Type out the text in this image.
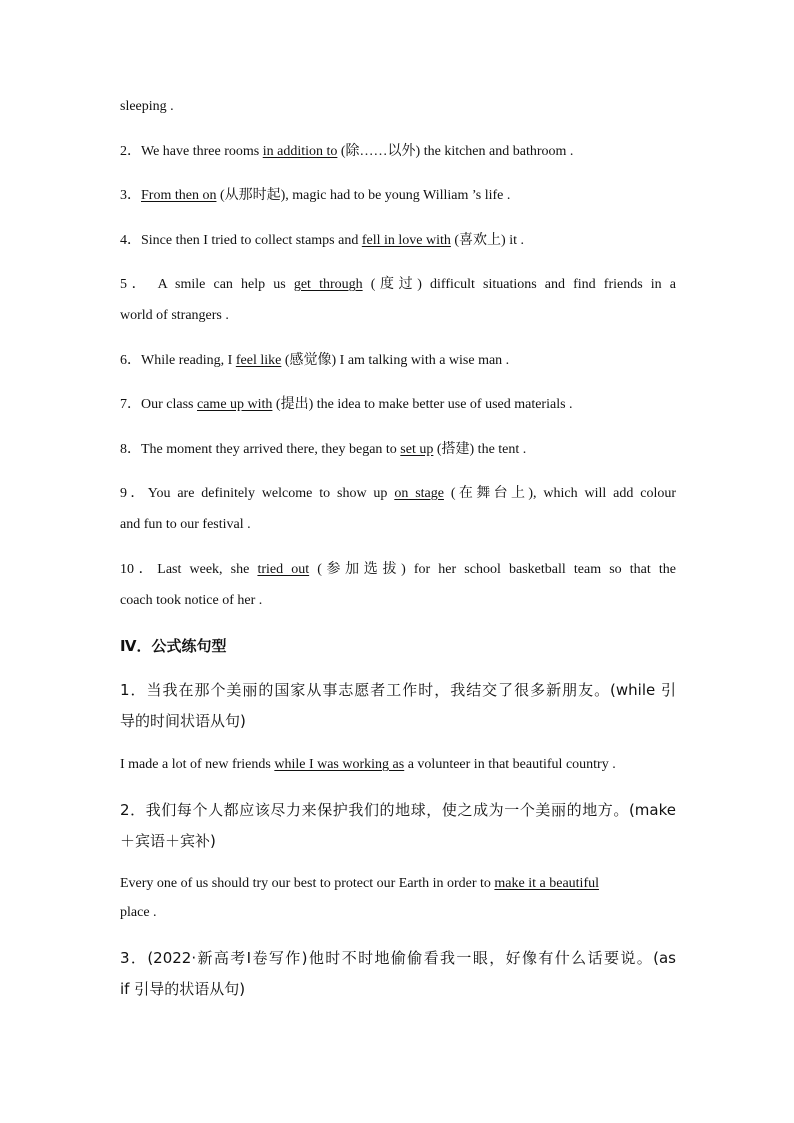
sleeping .
2．We have three rooms in addition to (除……以外) the kitchen and bathroom .
3．From then on (从那时起), magic had to be young William ’s life .
4．Since then I tried to collect stamps and fell in love with (喜欢上) it .
5． A smile can help us get through (度过) difficult situations and find friends in a
world of strangers .
6．While reading, I feel like (感觉像) I am talking with a wise man .
7．Our class came up with (提出) the idea to make better use of used materials .
8．The moment they arrived there, they began to set up (搭建) the tent .
9．You are definitely welcome to show up on stage (在舞台上), which will add colour
and fun to our festival .
10．Last week, she tried out (参加选拔) for her school basketball team so that the
coach took notice of her .
Ⅳ．公式练句型
1．当我在那个美丽的国家从事志愿者工作时，我结交了很多新朋友。(while 引
导的时间状语从句)
I made a lot of new friends while I was working as a volunteer in that beautiful country .
2．我们每个人都应该尽力来保护我们的地球，使之成为一个美丽的地方。(make
＋宾语＋宾补)
Every one of us should try our best to protect our Earth in order to make it a beautiful
place .
3．(2022·新高考Ⅰ卷写作)他时不时地偷偷看我一眼，好像有什么话要说。(as
if 引导的状语从句)
